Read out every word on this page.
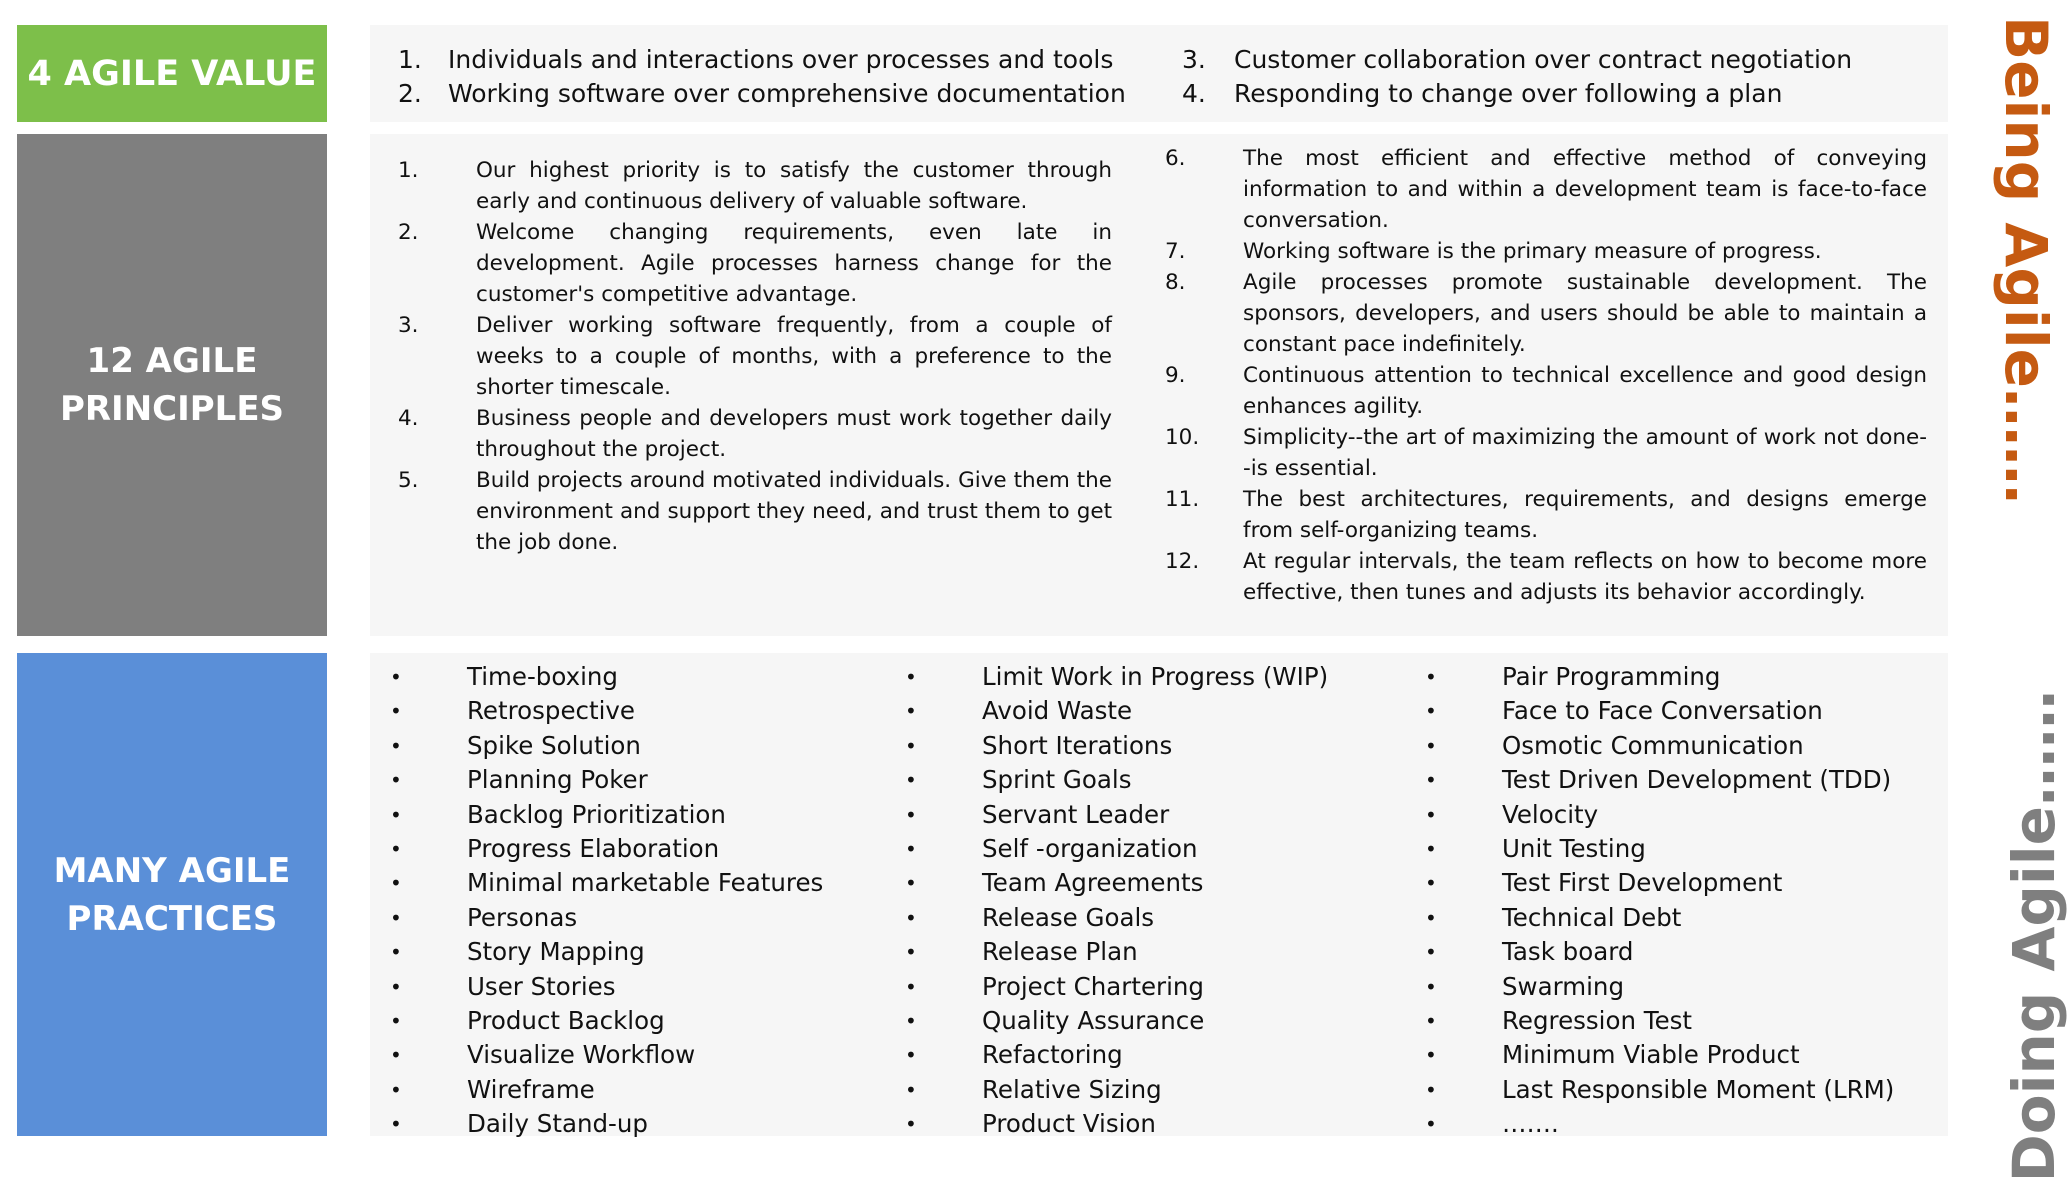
4 AGILE VALUE
12 AGILE
PRINCIPLES
MANY AGILE
PRACTICES
1. Individuals and interactions over processes and tools
2. Working software over comprehensive documentation
3. Customer collaboration over contract negotiation
4. Responding to change over following a plan
1.	Our highest priority is to satisfy the customer through early and continuous delivery of valuable software.
2.	Welcome changing requirements, even late in development. Agile processes harness change for the customer's competitive advantage.
3.	Deliver working software frequently, from a couple of weeks to a couple of months, with a preference to the shorter timescale.
4.	Business people and developers must work together daily throughout the project.
5.	Build projects around motivated individuals. Give them the environment and support they need, and trust them to get the job done.
6.	The most efficient and effective method of conveying information to and within a development team is face-to-face conversation.
7.	Working software is the primary measure of progress.
8.	Agile processes promote sustainable development. The sponsors, developers, and users should be able to maintain a constant pace indefinitely.
9.	Continuous attention to technical excellence and good design enhances agility.
10. Simplicity--the art of maximizing the amount of work not done--is essential.
11. The best architectures, requirements, and designs emerge from self-organizing teams.
12. At regular intervals, the team reflects on how to become more effective, then tunes and adjusts its behavior accordingly.
•	Time-boxing
•	Retrospective
•	Spike Solution
•	Planning Poker
•	Backlog Prioritization
•	Progress Elaboration
•	Minimal marketable Features
•	Personas
•	Story Mapping
•	User Stories
•	Product Backlog
•	Visualize Workflow
•	Wireframe
•	Daily Stand-up
•	Limit Work in Progress (WIP)
•	Avoid Waste
•	Short Iterations
•	Sprint Goals
•	Servant Leader
•	Self -organization
•	Team Agreements
•	Release Goals
•	Release Plan
•	Project Chartering
•	Quality Assurance
•	Refactoring
•	Relative Sizing
•	Product Vision
•	Pair Programming
•	Face to Face Conversation
•	Osmotic Communication
•	Test Driven Development (TDD)
•	Velocity
•	Unit Testing
•	Test First Development
•	Technical Debt
•	Task board
•	Swarming
•	Regression Test
•	Minimum Viable Product
•	Last Responsible Moment (LRM)
•	…….
Being Agile……
Doing Agile……
